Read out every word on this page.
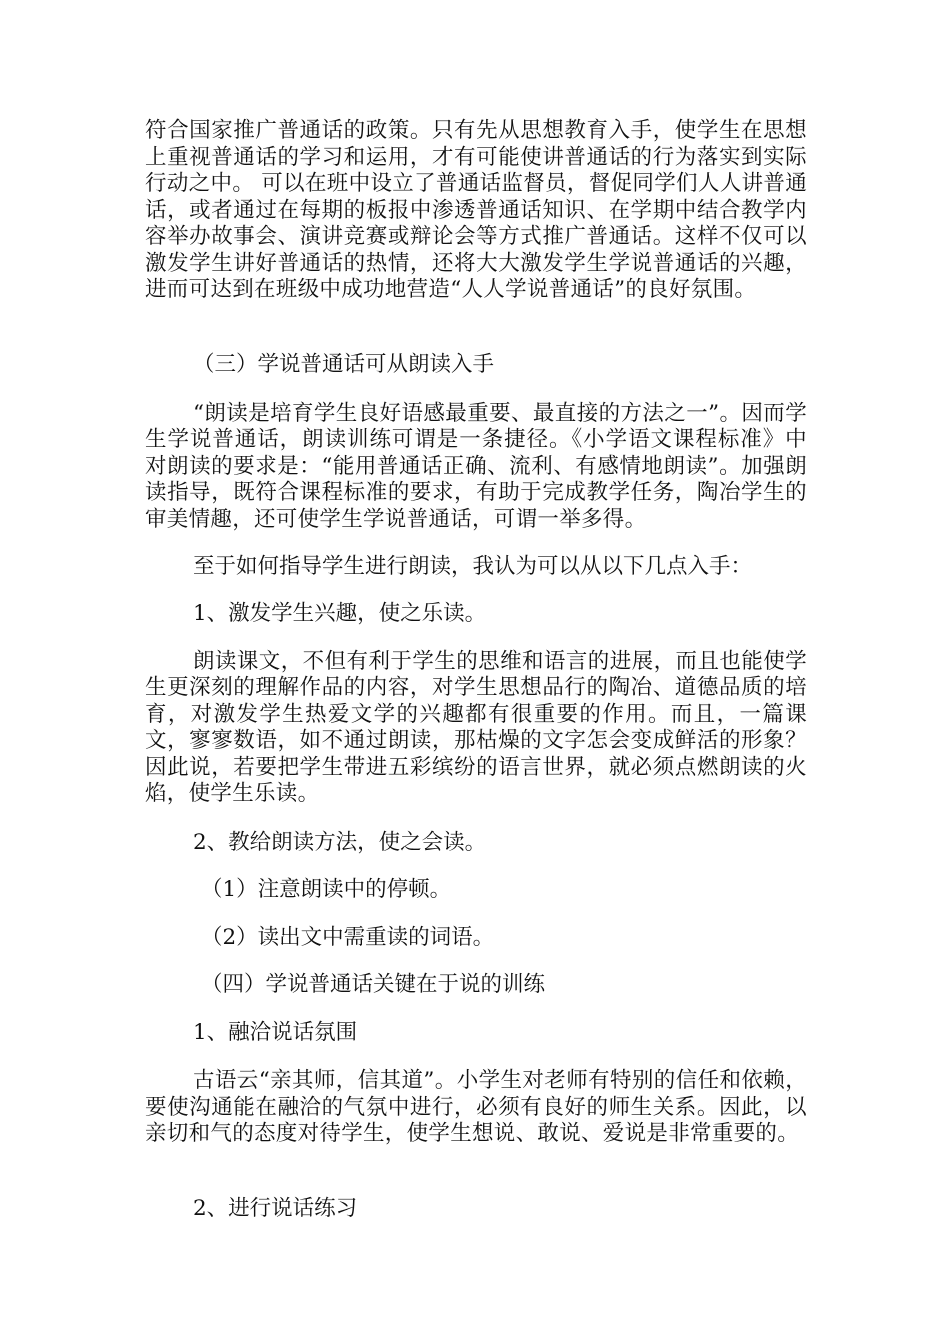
符合国家推广普通话的政策。只有先从思想教育入手，使学生在思想上重视普通话的学习和运用，才有可能使讲普通话的行为落实到实际行动之中。 可以在班中设立了普通话监督员，督促同学们人人讲普通话，或者通过在每期的板报中渗透普通话知识、在学期中结合教学内容举办故事会、演讲竞赛或辩论会等方式推广普通话。这样不仅可以激发学生讲好普通话的热情，还将大大激发学生学说普通话的兴趣，进而可达到在班级中成功地营造“人人学说普通话”的良好氛围。

（三）学说普通话可从朗读入手

“朗读是培育学生良好语感最重要、最直接的方法之一”。因而学生学说普通话，朗读训练可谓是一条捷径。《小学语文课程标准》中对朗读的要求是：“能用普通话正确、流利、有感情地朗读”。加强朗读指导，既符合课程标准的要求，有助于完成教学任务，陶冶学生的审美情趣，还可使学生学说普通话，可谓一举多得。

至于如何指导学生进行朗读，我认为可以从以下几点入手：

1、激发学生兴趣，使之乐读。

朗读课文，不但有利于学生的思维和语言的进展，而且也能使学生更深刻的理解作品的内容，对学生思想品行的陶冶、道德品质的培育，对激发学生热爱文学的兴趣都有很重要的作用。而且，一篇课文，寥寥数语，如不通过朗读，那枯燥的文字怎会变成鲜活的形象？因此说，若要把学生带进五彩缤纷的语言世界，就必须点燃朗读的火焰，使学生乐读。

2、教给朗读方法，使之会读。

（1）注意朗读中的停顿。

（2）读出文中需重读的词语。

（四）学说普通话关键在于说的训练

1、融洽说话氛围

古语云“亲其师，信其道”。小学生对老师有特别的信任和依赖，要使沟通能在融洽的气氛中进行，必须有良好的师生关系。因此，以亲切和气的态度对待学生，使学生想说、敢说、爱说是非常重要的。

2、进行说话练习
